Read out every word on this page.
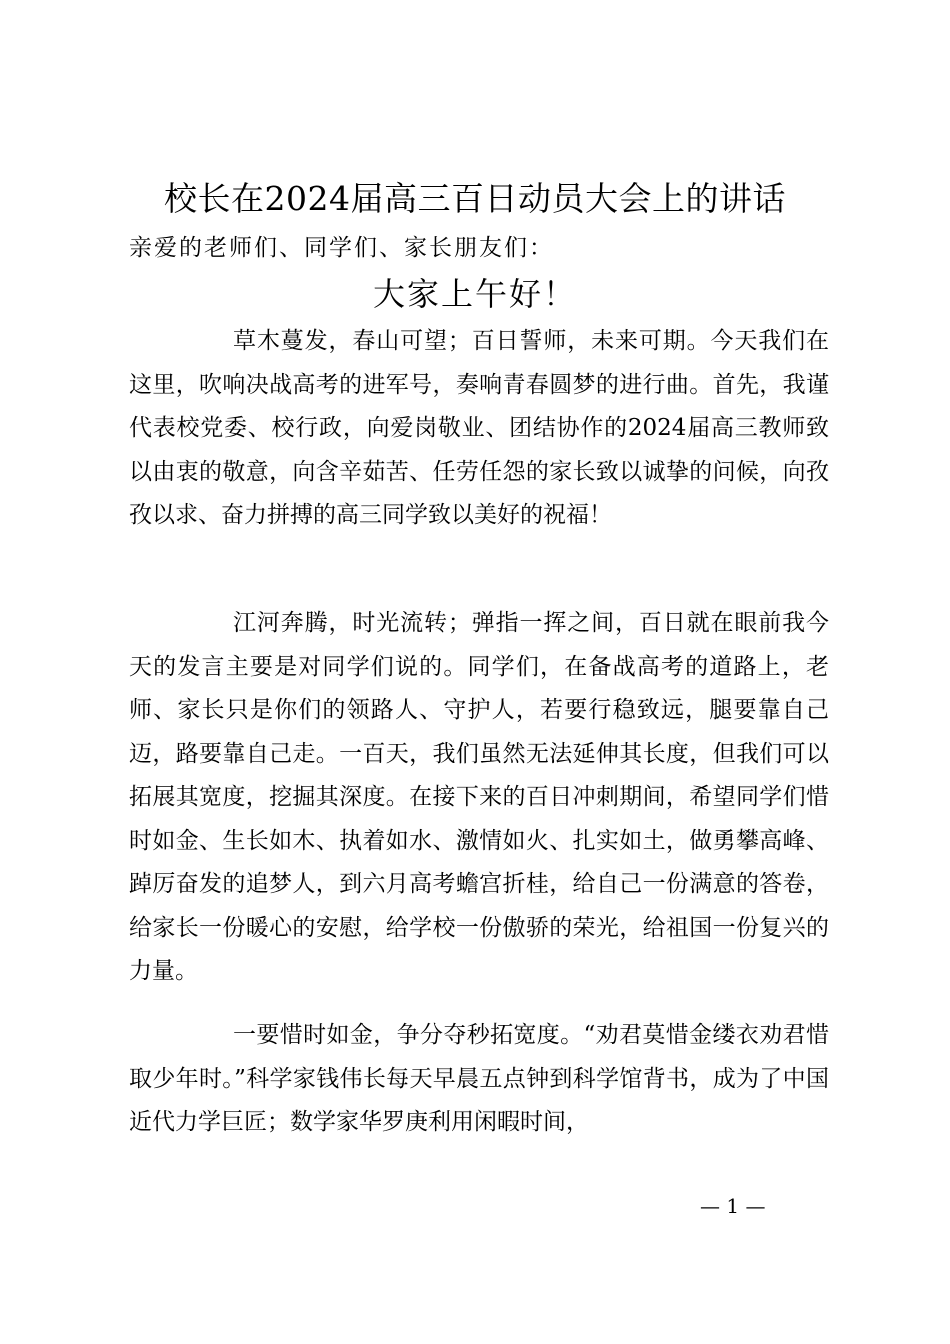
校长在2024届高三百日动员大会上的讲话

亲爱的老师们、同学们、家长朋友们：

大家上午好！

草木蔓发，春山可望；百日誓师，未来可期。今天我们在这里，吹响决战高考的进军号，奏响青春圆梦的进行曲。首先，我谨代表校党委、校行政，向爱岗敬业、团结协作的2024届高三教师致以由衷的敬意，向含辛茹苦、任劳任怨的家长致以诚挚的问候，向孜孜以求、奋力拼搏的高三同学致以美好的祝福！

江河奔腾，时光流转；弹指一挥之间，百日就在眼前我今天的发言主要是对同学们说的。同学们，在备战高考的道路上，老师、家长只是你们的领路人、守护人，若要行稳致远，腿要靠自己迈，路要靠自己走。一百天，我们虽然无法延伸其长度，但我们可以拓展其宽度，挖掘其深度。在接下来的百日冲刺期间，希望同学们惜时如金、生长如木、执着如水、激情如火、扎实如土，做勇攀高峰、踔厉奋发的追梦人，到六月高考蟾宫折桂，给自己一份满意的答卷，给家长一份暖心的安慰，给学校一份傲骄的荣光，给祖国一份复兴的力量。

一要惜时如金，争分夺秒拓宽度。“劝君莫惜金缕衣劝君惜取少年时。”科学家钱伟长每天早晨五点钟到科学馆背书，成为了中国近代力学巨匠；数学家华罗庚利用闲暇时间，

— 1 —
